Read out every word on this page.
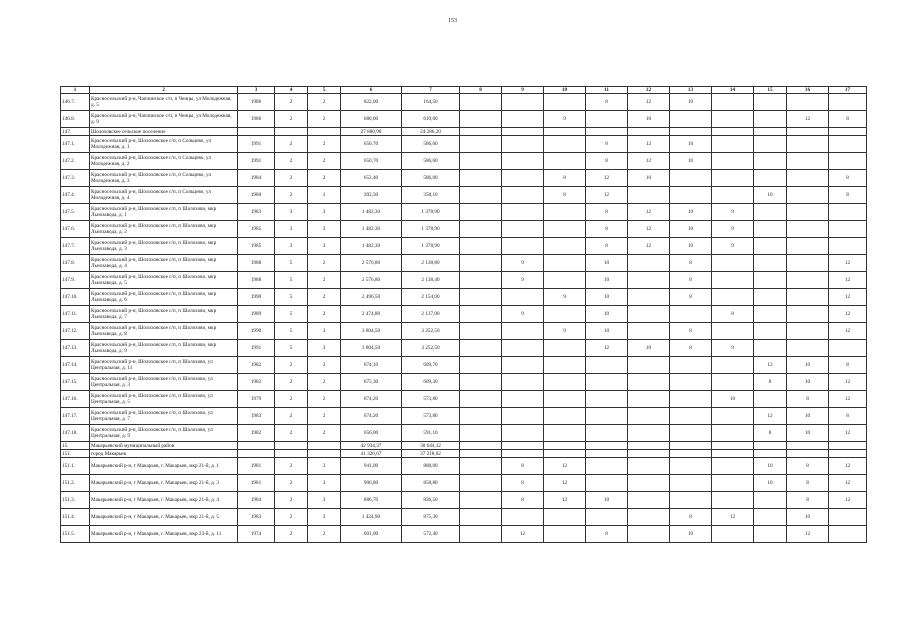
153
1	2	3	4	5	6	7	8	9	10	11	12	13	14	15	16	17
146.7.	Красносельский р-н, Чаплинское с/п, п Ченцы, ул Молодежная, д. 5	1986	2	2	822,00	164,50				8	12	10				
146.8.	Красносельский р-н, Чаплинское с/п, п Ченцы, ул Молодежная, д. 9	1986	2	2	680,00	610,00			9		10				12	8
147.	Шолоховское сельское поселение				27 880,90	24 286,20										
147.1.	Красносельский р-н, Шолоховское с/п, п Сольцево, ул Молодежная, д. 1	1991	2	2	650,70	586,60				8	12	10				
147.2.	Красносельский р-н, Шолоховское с/п, п Сольцево, ул Молодежная, д. 2	1991	2	2	650,70	586,60				8	12	10				
147.3.	Красносельский р-н, Шолоховское с/п, п Сольцево, ул Молодежная, д. 3	1984	2	2	652,40	586,00			8	12	10					8
147.4.	Красносельский р-н, Шолоховское с/п, п Сольцево, ул Молодежная, д. 4	1980	2	1	392,30	358,10			8	12				10		8
147.5.	Красносельский р-н, Шолоховское с/п, п Шолохово, мкр Льнозавода, д. 1	1983	3	3	1 482,30	1 378,90				8	12	10	9			
147.6.	Красносельский р-н, Шолоховское с/п, п Шолохово, мкр Льнозавода, д. 2	1985	3	3	1 482,30	1 378,90				8	12	10	9			
147.7.	Красносельский р-н, Шолоховское с/п, п Шолохово, мкр Льнозавода, д. 3	1985	3	3	1 482,30	1 378,90				8	12	10	9			
147.8.	Красносельский р-н, Шолоховское с/п, п Шолохово, мкр Льнозавода, д. 4	1988	5	2	2 576,80	2 138,80		9		10		8				12
147.9.	Красносельский р-н, Шолоховское с/п, п Шолохово, мкр Льнозавода, д. 5	1988	5	2	2 576,80	2 138,40		9		10		8				12
147.10.	Красносельский р-н, Шолоховское с/п, п Шолохово, мкр Льнозавода, д. 6	1990	5	2	2 496,50	2 154,00			9	10		8				12
147.11.	Красносельский р-н, Шолоховское с/п, п Шолохово, мкр Льнозавода, д. 7	1989	5	2	2 474,80	2 137,00		9		10			8			12
147.12.	Красносельский р-н, Шолоховское с/п, п Шолохово, мкр Льнозавода, д. 8	1990	5	3	3 804,50	3 252,50			9	10		8				12
147.13.	Красносельский р-н, Шолоховское с/п, п Шолохово, мкр Льнозавода, д. 9	1991	5	3	3 804,50	3 252,50				12	10	8	9			
147.14.	Красносельский р-н, Шолоховское с/п, п Шолохово, ул Центральная, д. 11	1982	2	2	674,10	609,70								12	10	8
147.15.	Красносельский р-н, Шолоховское с/п, п Шолохово, ул Центральная, д. 3	1982	2	2	675,30	609,30								8	10	12
147.16.	Красносельский р-н, Шолоховское с/п, п Шолохово, ул Центральная, д. 5	1979	2	2	674,20	573,80							10		8	12
147.17.	Красносельский р-н, Шолоховское с/п, п Шолохово, ул Центральная, д. 7	1983	2	2	674,20	573,80								12	10	8
147.18.	Красносельский р-н, Шолоховское с/п, п Шолохово, ул Центральная, д. 9	1982	2	2	656,00	591,10								8	10	12
15.	Макарьевский муниципальный район				42 934,37	38 644,12										
151.	город Макарьев				41 326,67	37 218,02										
151.1.	Макарьевский р-н, г Макарьев, г. Макарьев, мкр 21-й, д. 1	1981	2	3	941,00	888,00		8	12					10	8	12
151.2.	Макарьевский р-н, г Макарьев, г. Макарьев, мкр 21-й, д. 3	1981	2	3	906,80	858,80		8	12					10	8	12
151.3.	Макарьевский р-н, г Макарьев, г. Макарьев, мкр 21-й, д. 4	1984	2	3	886,70	836,50		8	12	10					8	12
151.4.	Макарьевский р-н, г Макарьев, г. Макарьев, мкр 21-й, д. 5	1983	2	3	1 424,90	875,30						8	12		10	
151.5.	Макарьевский р-н, г Макарьев, г. Макарьев, мкр 23-й, д. 11	1974	2	2	601,00	572,40		12		8		10			12	
